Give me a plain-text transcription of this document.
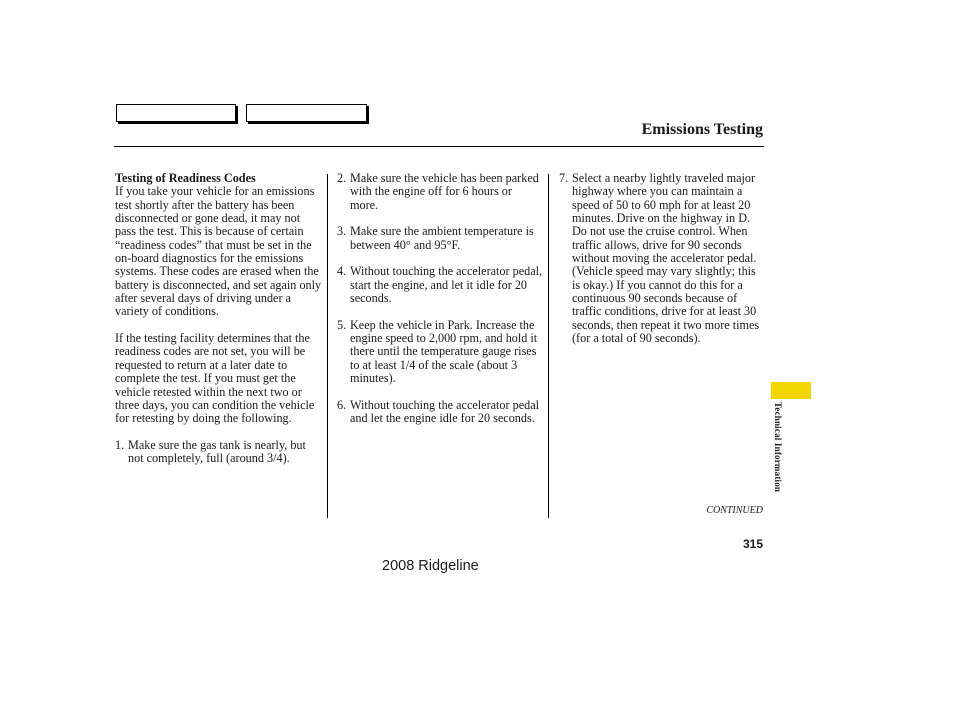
Emissions Testing

Testing of Readiness Codes

If you take your vehicle for an emissions test shortly after the battery has been disconnected or gone dead, it may not pass the test. This is because of certain “readiness codes” that must be set in the on-board diagnostics for the emissions systems. These codes are erased when the battery is disconnected, and set again only after several days of driving under a variety of conditions.

If the testing facility determines that the readiness codes are not set, you will be requested to return at a later date to complete the test. If you must get the vehicle retested within the next two or three days, you can condition the vehicle for retesting by doing the following.

1. Make sure the gas tank is nearly, but not completely, full (around 3/4).

2. Make sure the vehicle has been parked with the engine off for 6 hours or more.

3. Make sure the ambient temperature is between 40° and 95°F.

4. Without touching the accelerator pedal, start the engine, and let it idle for 20 seconds.

5. Keep the vehicle in Park. Increase the engine speed to 2,000 rpm, and hold it there until the temperature gauge rises to at least 1/4 of the scale (about 3 minutes).

6. Without touching the accelerator pedal and let the engine idle for 20 seconds.

7. Select a nearby lightly traveled major highway where you can maintain a speed of 50 to 60 mph for at least 20 minutes. Drive on the highway in D. Do not use the cruise control. When traffic allows, drive for 90 seconds without moving the accelerator pedal. (Vehicle speed may vary slightly; this is okay.) If you cannot do this for a continuous 90 seconds because of traffic conditions, drive for at least 30 seconds, then repeat it two more times (for a total of 90 seconds).

Technical Information
CONTINUED
315
2008 Ridgeline
